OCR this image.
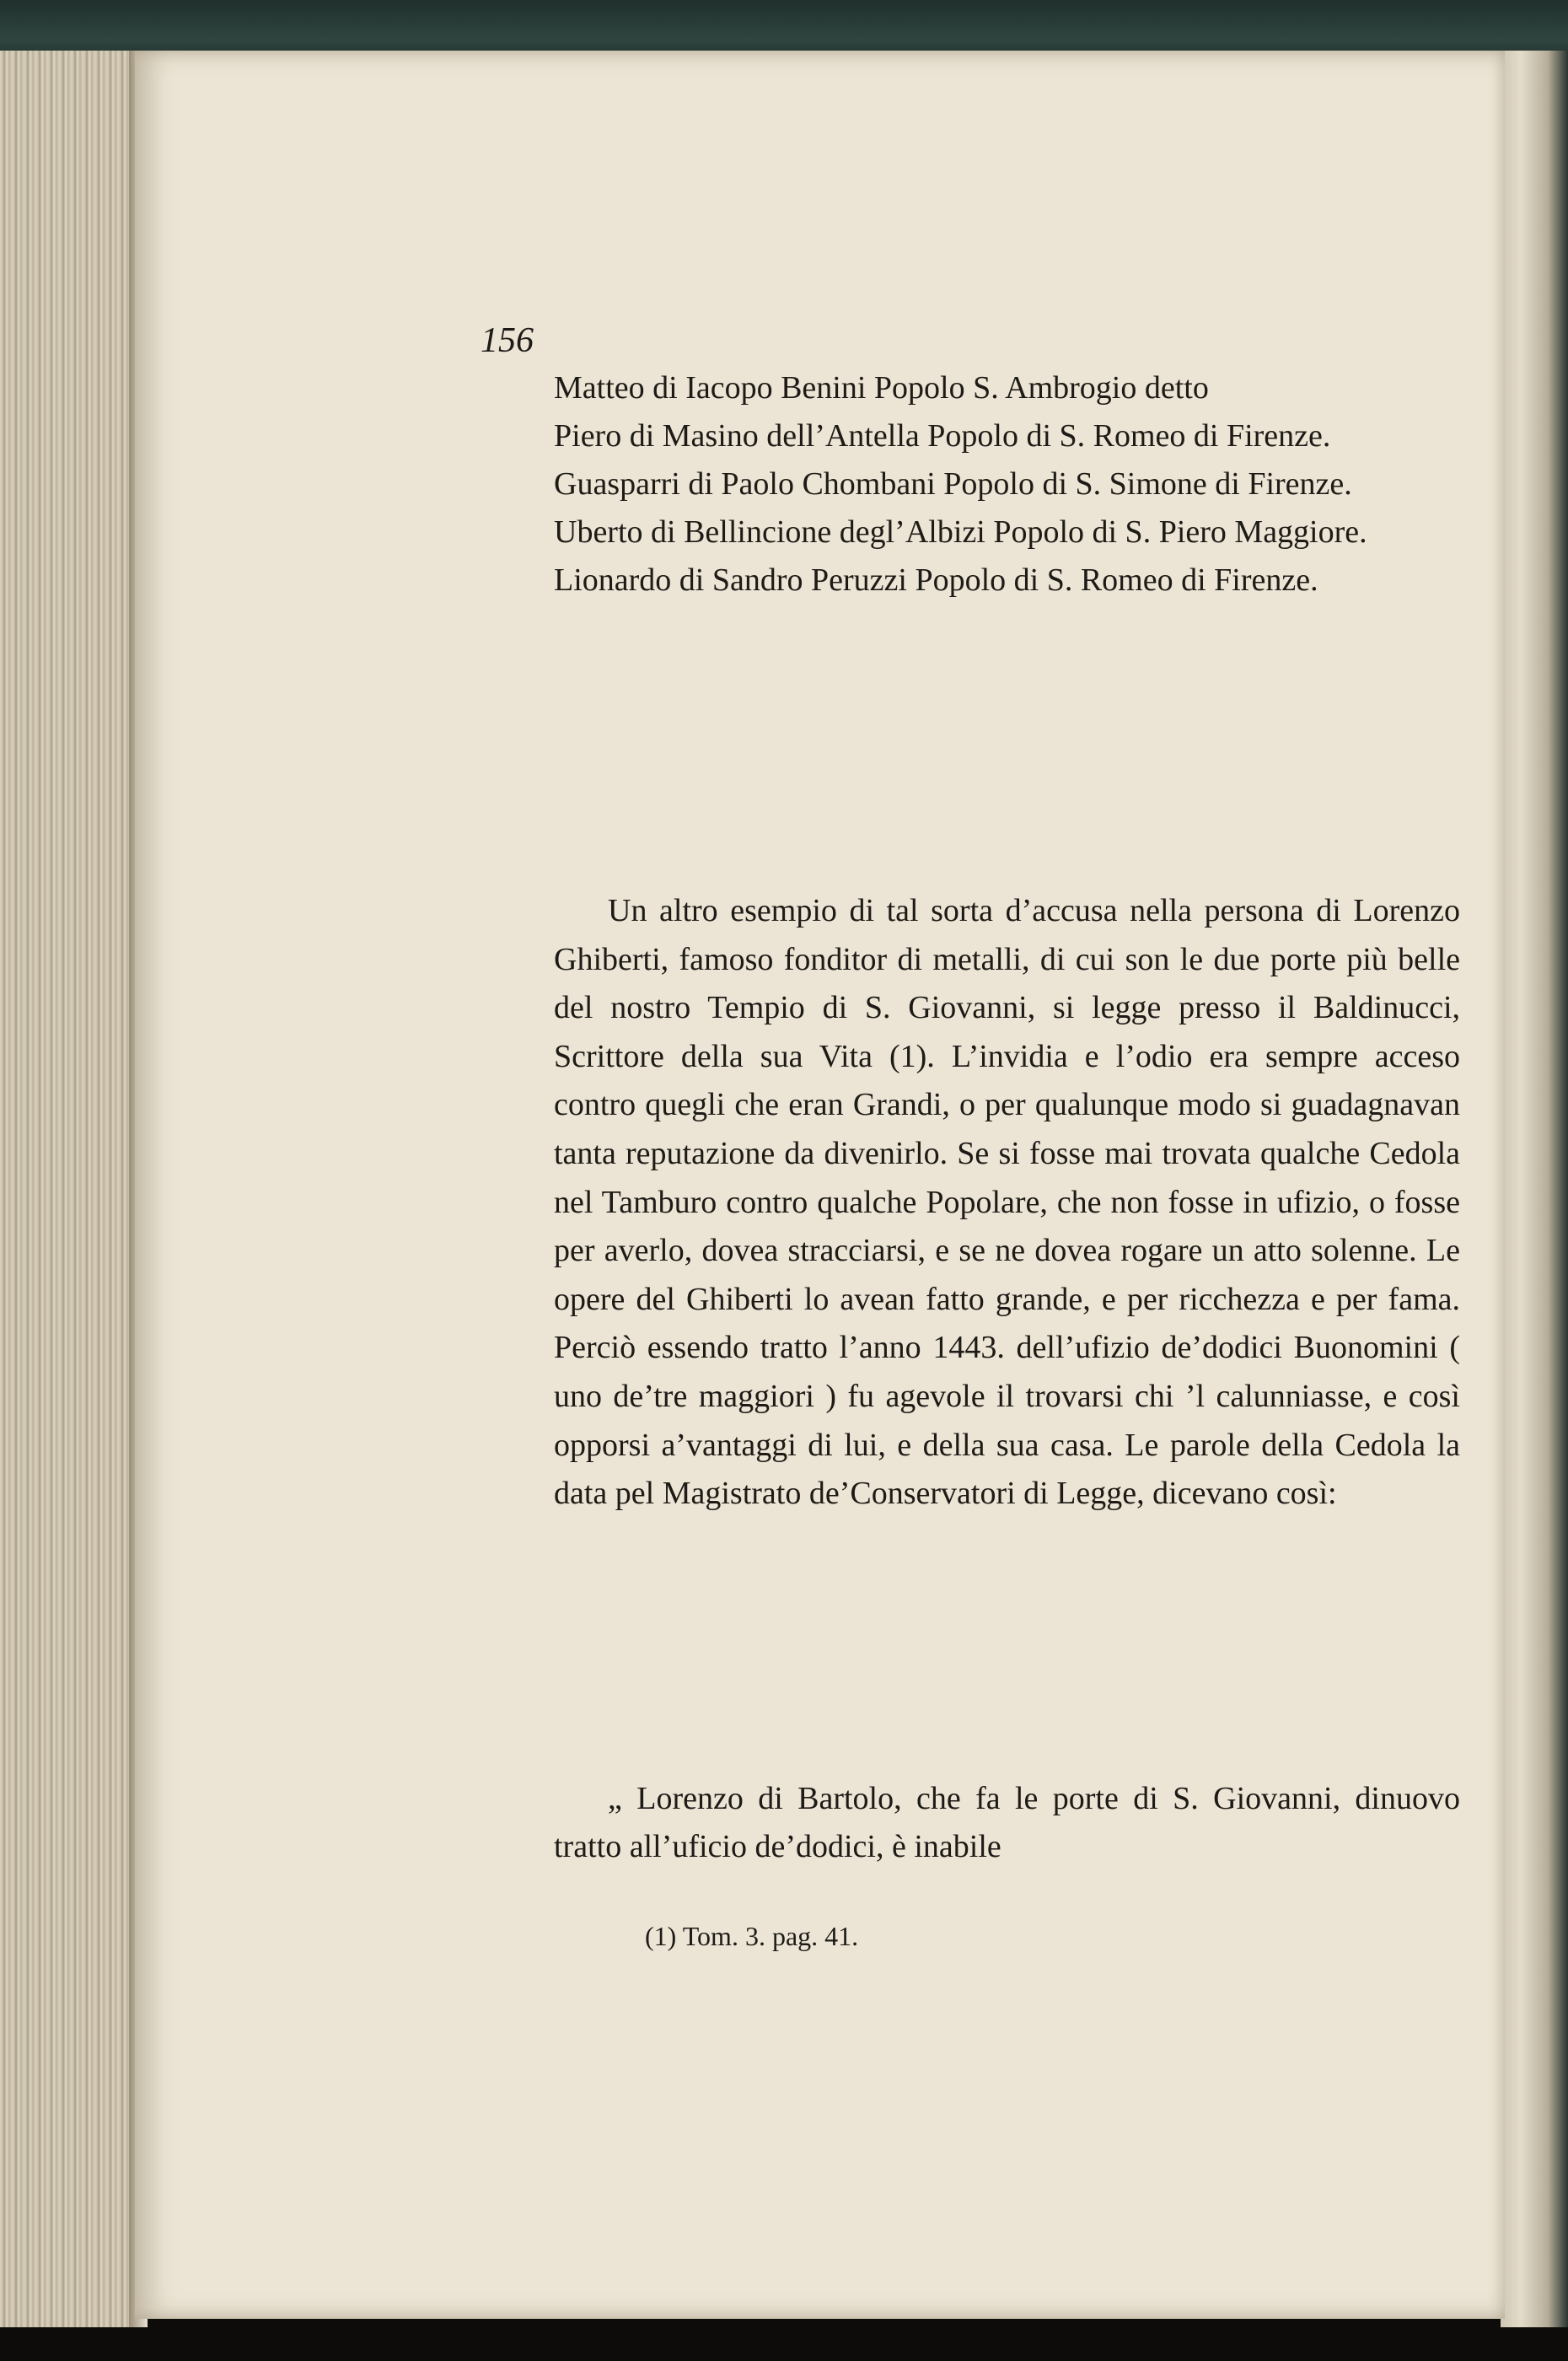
156

Matteo di Iacopo Benini Popolo S. Ambrogio detto

Piero di Masino dell’Antella Popolo di S. Romeo di Firenze.

Guasparri di Paolo Chombani Popolo di S. Simone di Firenze.

Uberto di Bellincione degl’Albizi Popolo di S. Piero Maggiore.

Lionardo di Sandro Peruzzi Popolo di S. Romeo di Firenze.

Un altro esempio di tal sorta d’accusa nella persona di Lorenzo Ghiberti, famoso fonditor di metalli, di cui son le due porte più belle del nostro Tempio di S. Giovanni, si legge presso il Baldinucci, Scrittore della sua Vita (1). L’invidia e l’odio era sempre acceso contro quegli che eran Grandi, o per qualunque modo si guadagnavan tanta reputazione da divenirlo. Se si fosse mai trovata qualche Cedola nel Tamburo contro qualche Popolare, che non fosse in ufizio, o fosse per averlo, dovea stracciarsi, e se ne dovea rogare un atto solenne. Le opere del Ghiberti lo avean fatto grande, e per ricchezza e per fama. Perciò essendo tratto l’anno 1443. dell’ufizio de’dodici Buonomini ( uno de’tre maggiori ) fu agevole il trovarsi chi ’l calunniasse, e così opporsi a’vantaggi di lui, e della sua casa. Le parole della Cedola la data pel Magistrato de’Conservatori di Legge, dicevano così:

„ Lorenzo di Bartolo, che fa le porte di S. Giovanni, dinuovo tratto all’uficio de’dodici, è inabile

(1) Tom. 3. pag. 41.
